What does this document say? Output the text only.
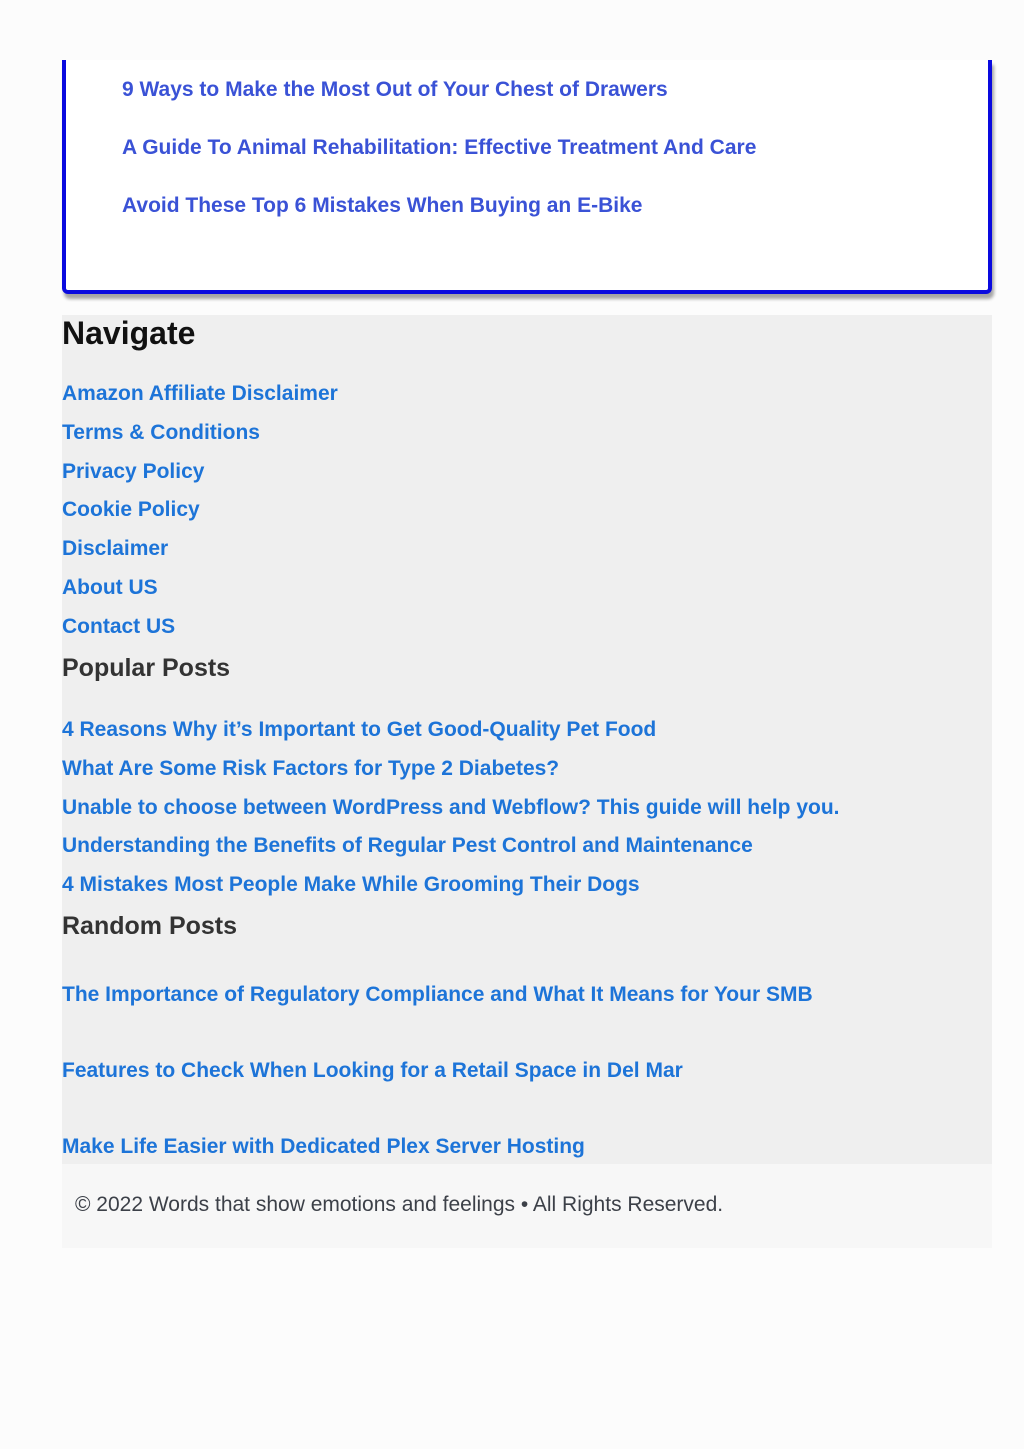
9 Ways to Make the Most Out of Your Chest of Drawers
A Guide To Animal Rehabilitation: Effective Treatment And Care
Avoid These Top 6 Mistakes When Buying an E-Bike
Navigate
Amazon Affiliate Disclaimer
Terms & Conditions
Privacy Policy
Cookie Policy
Disclaimer
About US
Contact US
Popular Posts
4 Reasons Why it’s Important to Get Good-Quality Pet Food
What Are Some Risk Factors for Type 2 Diabetes?
Unable to choose between WordPress and Webflow? This guide will help you.
Understanding the Benefits of Regular Pest Control and Maintenance
4 Mistakes Most People Make While Grooming Their Dogs
Random Posts
The Importance of Regulatory Compliance and What It Means for Your SMB
Features to Check When Looking for a Retail Space in Del Mar
Make Life Easier with Dedicated Plex Server Hosting
© 2022 Words that show emotions and feelings • All Rights Reserved.
